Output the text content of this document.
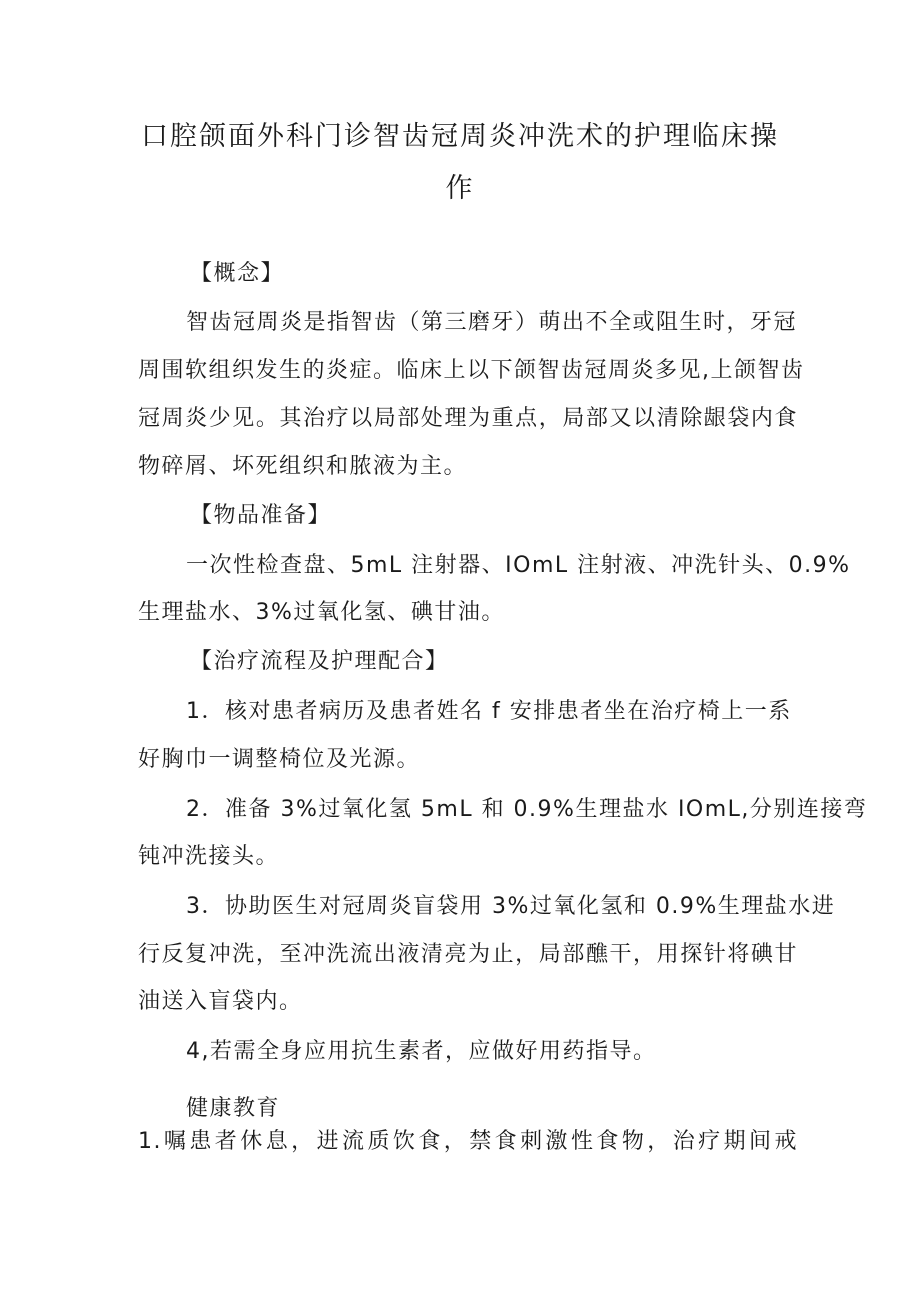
口腔颌面外科门诊智齿冠周炎冲洗术的护理临床操
作
【概念】
智齿冠周炎是指智齿（第三磨牙）萌出不全或阻生时，牙冠
周围软组织发生的炎症。临床上以下颌智齿冠周炎多见,上颌智齿
冠周炎少见。其治疗以局部处理为重点，局部又以清除龈袋内食
物碎屑、坏死组织和脓液为主。
【物品准备】
一次性检查盘、5mL 注射器、IOmL 注射液、冲洗针头、0.9%
生理盐水、3%过氧化氢、碘甘油。
【治疗流程及护理配合】
1．核对患者病历及患者姓名 f 安排患者坐在治疗椅上一系
好胸巾一调整椅位及光源。
2．准备 3%过氧化氢 5mL 和 0.9%生理盐水 IOmL,分别连接弯
钝冲洗接头。
3．协助医生对冠周炎盲袋用 3%过氧化氢和 0.9%生理盐水进
行反复冲洗，至冲洗流出液清亮为止，局部醮干，用探针将碘甘
油送入盲袋内。
4,若需全身应用抗生素者，应做好用药指导。
健康教育
1.嘱患者休息，进流质饮食，禁食刺激性食物，治疗期间戒
